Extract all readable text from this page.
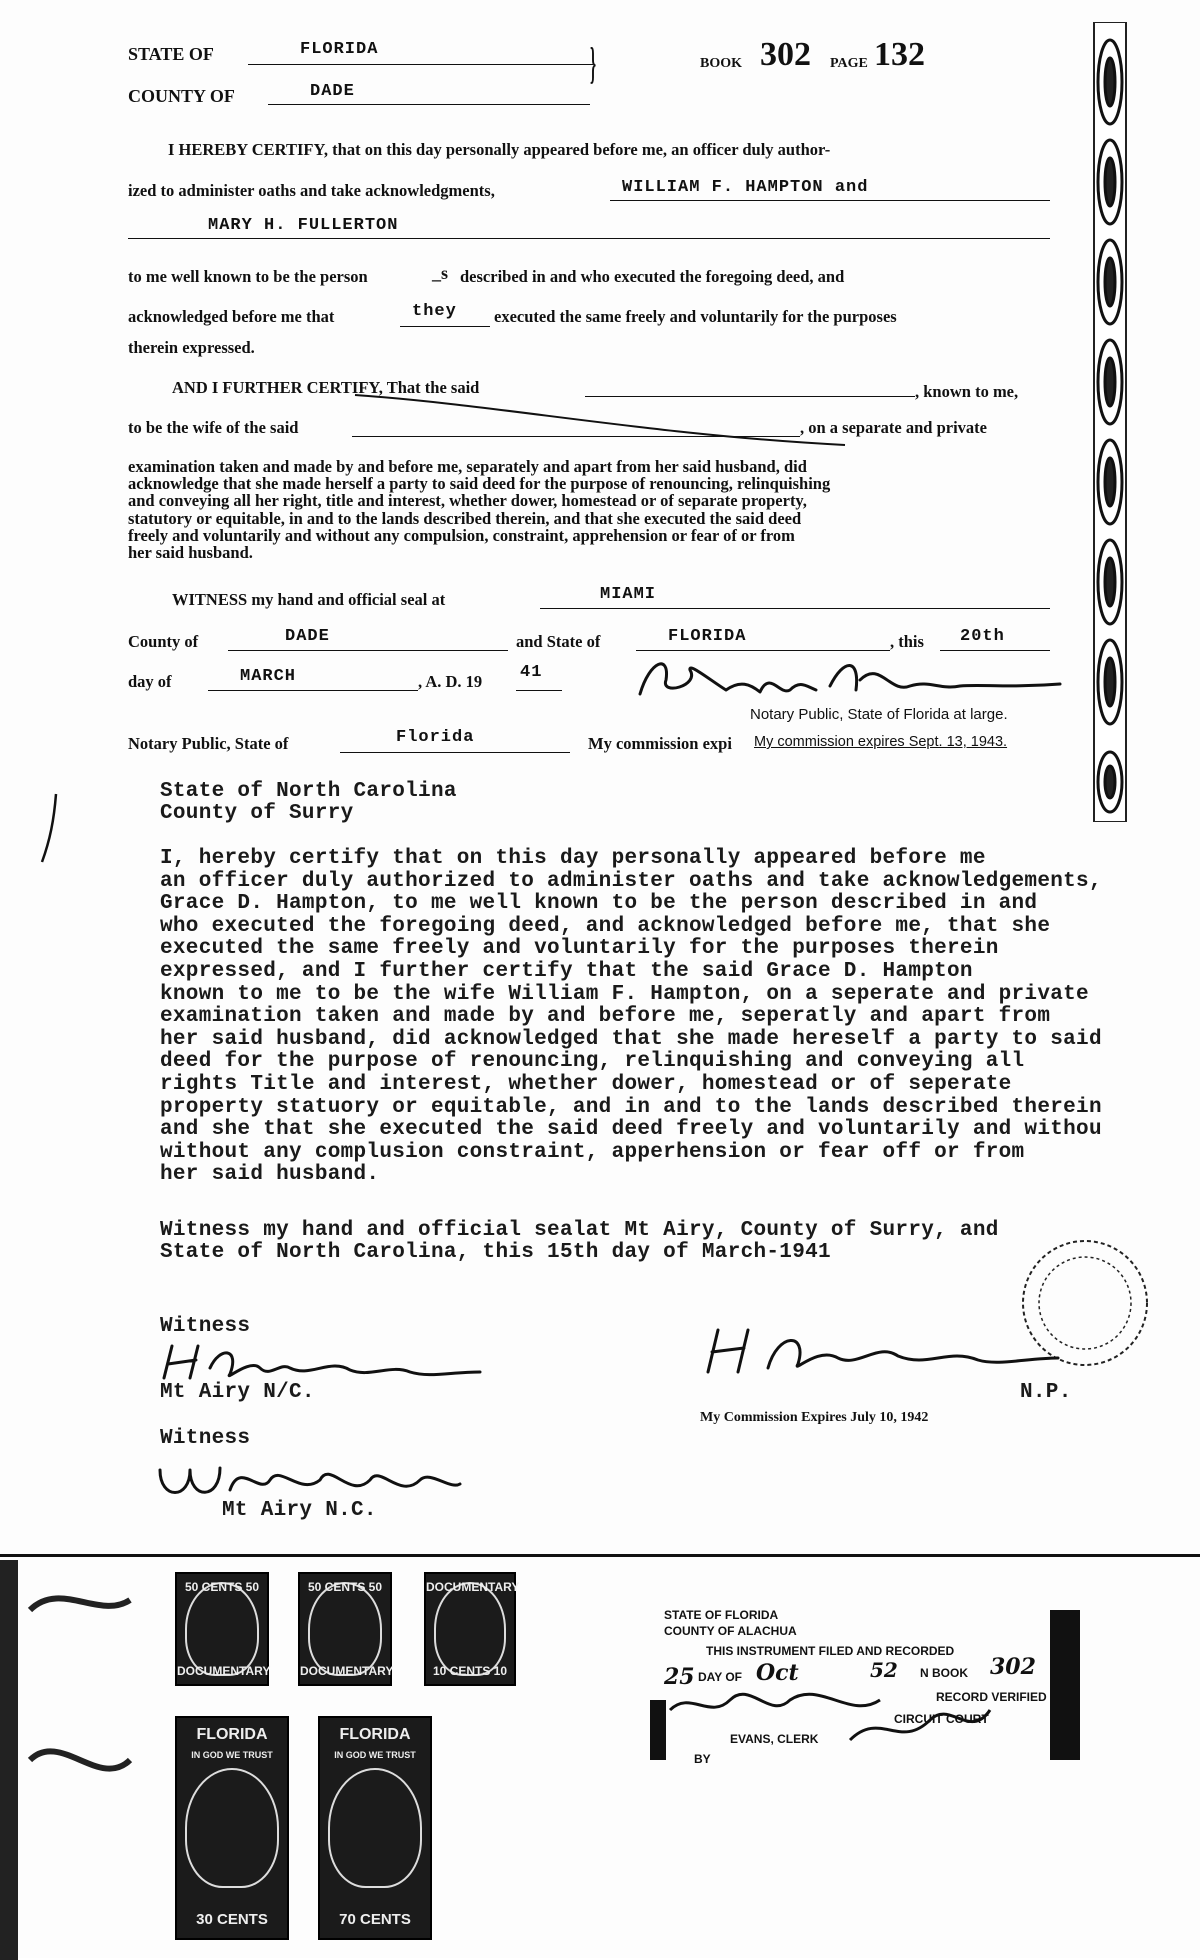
STATE OF	FLORIDA
COUNTY OF	DADE
}	BOOK 302 PAGE 132
I HEREBY CERTIFY, that on this day personally appeared before me, an officer duly author-
ized to administer oaths and take acknowledgments,	WILLIAM F. HAMPTON and
MARY H. FULLERTON
to me well known to be the person	_s described in and who executed the foregoing deed, and
acknowledged before me that	they executed the same freely and voluntarily for the purposes
therein expressed.
AND I FURTHER CERTIFY, That the said	, known to me,
to be the wife of the said	, on a separate and private
examination taken and made by and before me, separately and apart from her said husband, did
acknowledge that she made herself a party to said deed for the purpose of renouncing, relinquishing
and conveying all her right, title and interest, whether dower, homestead or of separate property,
statutory or equitable, in and to the lands described therein, and that she executed the said deed
freely and voluntarily and without any compulsion, constraint, apprehension or fear of or from
her said husband.
WITNESS my hand and official seal at	MIAMI
County of	DADE	and State of	FLORIDA	, this 20th
day of	MARCH	, A. D. 19 41
Notary Public, State of Florida at large.
Notary Public, State of	Florida	My commission expi My commission expires Sept. 13, 1943.
State of North Carolina
County of Surry
I, hereby certify that on this day personally appeared before me
an officer duly authorized to administer oaths and take acknowledgements,
Grace D. Hampton, to me well known to be the person described in and
who executed the foregoing deed, and acknowledged before me, that she
executed the same freely and voluntarily for the purposes therein
expressed, and I further certify that the said Grace D. Hampton
known to me to be the wife William F. Hampton, on a seperate and private
examination taken and made by and before me, seperatly and apart from
her said husband, did acknowledged that she made hereself a party to said
deed for the purpose of renouncing, relinquishing and conveying all
rights Title and interest, whether dower, homestead or of seperate
property statuory or equitable, and in and to the lands described therein
and she that she executed the said deed freely and voluntarily and withou
without any complusion constraint, apperhension or fear off or from
her said husband.
Witness my hand and official sealat Mt Airy, County of Surry, and
State of North Carolina, this 15th day of March-1941
Witness
Mt Airy N/C.	N.P.
My Commission Expires July 10, 1942
Witness
Mt Airy N.C.
50 CENTS 50
DOCUMENTARY
50 CENTS 50
DOCUMENTARY
DOCUMENTARY
10 CENTS 10
FLORIDA
IN GOD WE TRUST
30 CENTS
FLORIDA
IN GOD WE TRUST
70 CENTS
STATE OF FLORIDA
COUNTY OF ALACHUA
THIS INSTRUMENT FILED AND RECORDED
25 DAY OF Oct	52 N BOOK 302
RECORD VERIFIED
CIRCUIT COURT
EVANS, CLERK
BY
